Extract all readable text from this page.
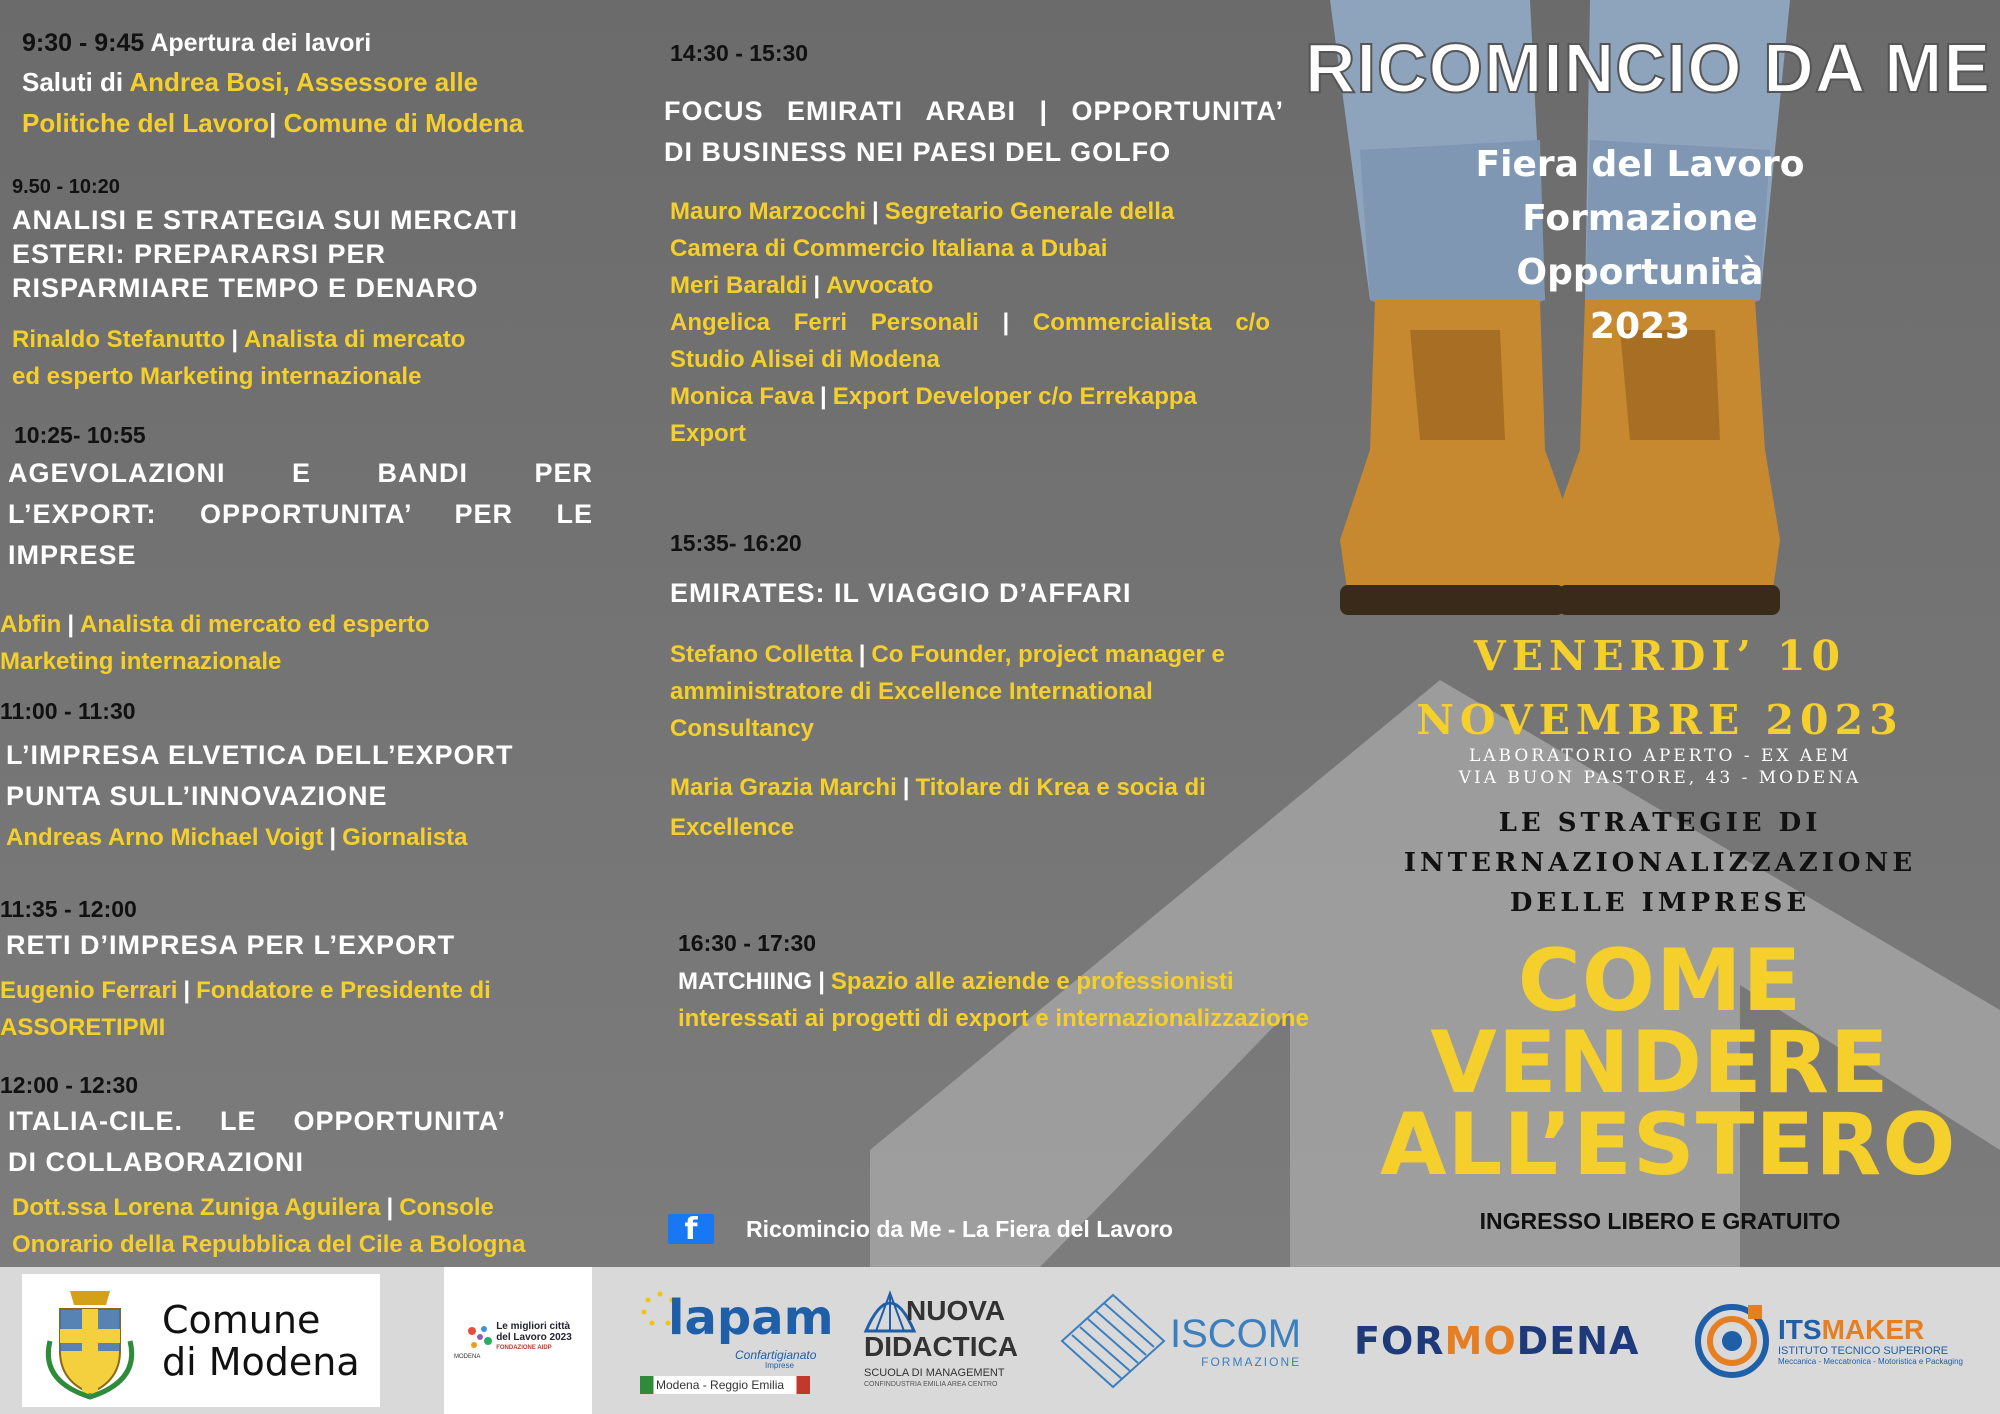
RICOMINCIO DA ME
Fiera del Lavoro
Formazione
Opportunità
2023
VENERDI’ 10
NOVEMBRE 2023
LABORATORIO APERTO - EX AEM
VIA BUON PASTORE, 43 - MODENA
LE STRATEGIE DI
INTERNAZIONALIZZAZIONE
DELLE IMPRESE
COME
VENDERE
ALL’ESTERO
INGRESSO LIBERO E GRATUITO
9:30 - 9:45 Apertura dei lavori
Saluti di Andrea Bosi, Assessore alle
Politiche del Lavoro| Comune di Modena
9.50 - 10:20
ANALISI E STRATEGIA SUI MERCATI
ESTERI: PREPARARSI PER
RISPARMIARE TEMPO E DENARO
Rinaldo Stefanutto | Analista di mercato
ed esperto Marketing internazionale
10:25- 10:55
AGEVOLAZIONI E BANDI PER
L’EXPORT: OPPORTUNITA’ PER LE
IMPRESE
Abfin | Analista di mercato ed esperto
Marketing internazionale
11:00 - 11:30
L’IMPRESA ELVETICA DELL’EXPORT
PUNTA SULL’INNOVAZIONE
Andreas Arno Michael Voigt | Giornalista
11:35 - 12:00
RETI D’IMPRESA PER L’EXPORT
Eugenio Ferrari | Fondatore e Presidente di
ASSORETIPMI
12:00 - 12:30
ITALIA-CILE. LE OPPORTUNITA’
DI COLLABORAZIONI
Dott.ssa Lorena Zuniga Aguilera | Console
Onorario della Repubblica del Cile a Bologna
14:30 - 15:30
FOCUS EMIRATI ARABI | OPPORTUNITA’
DI BUSINESS NEI PAESI DEL GOLFO
Mauro Marzocchi | Segretario Generale della
Camera di Commercio Italiana a Dubai
Meri Baraldi | Avvocato
Angelica Ferri Personali | Commercialista c/o
Studio Alisei di Modena
Monica Fava | Export Developer c/o Errekappa
Export
15:35- 16:20
EMIRATES: IL VIAGGIO D’AFFARI
Stefano Colletta | Co Founder, project manager e
amministratore di Excellence International
Consultancy
Maria Grazia Marchi | Titolare di Krea e socia di
Excellence
16:30 - 17:30
MATCHIING | Spazio alle aziende e professionisti
interessati ai progetti di export e internazionalizzazione
f	Ricomincio da Me - La Fiera del Lavoro
Comune
di Modena
Le migliori città
del Lavoro 2023
FONDAZIONE AIDP
MODENA
lapam
Confartigianato
Imprese
Modena - Reggio Emilia
NUOVA
DIDACTICA
SCUOLA DI MANAGEMENT
CONFINDUSTRIA EMILIA AREA CENTRO
ISCOM
FORMAZIONE FORMODENA	ITSMAKER
ISTITUTO TECNICO SUPERIORE
Meccanica - Meccatronica - Motoristica e Packaging
